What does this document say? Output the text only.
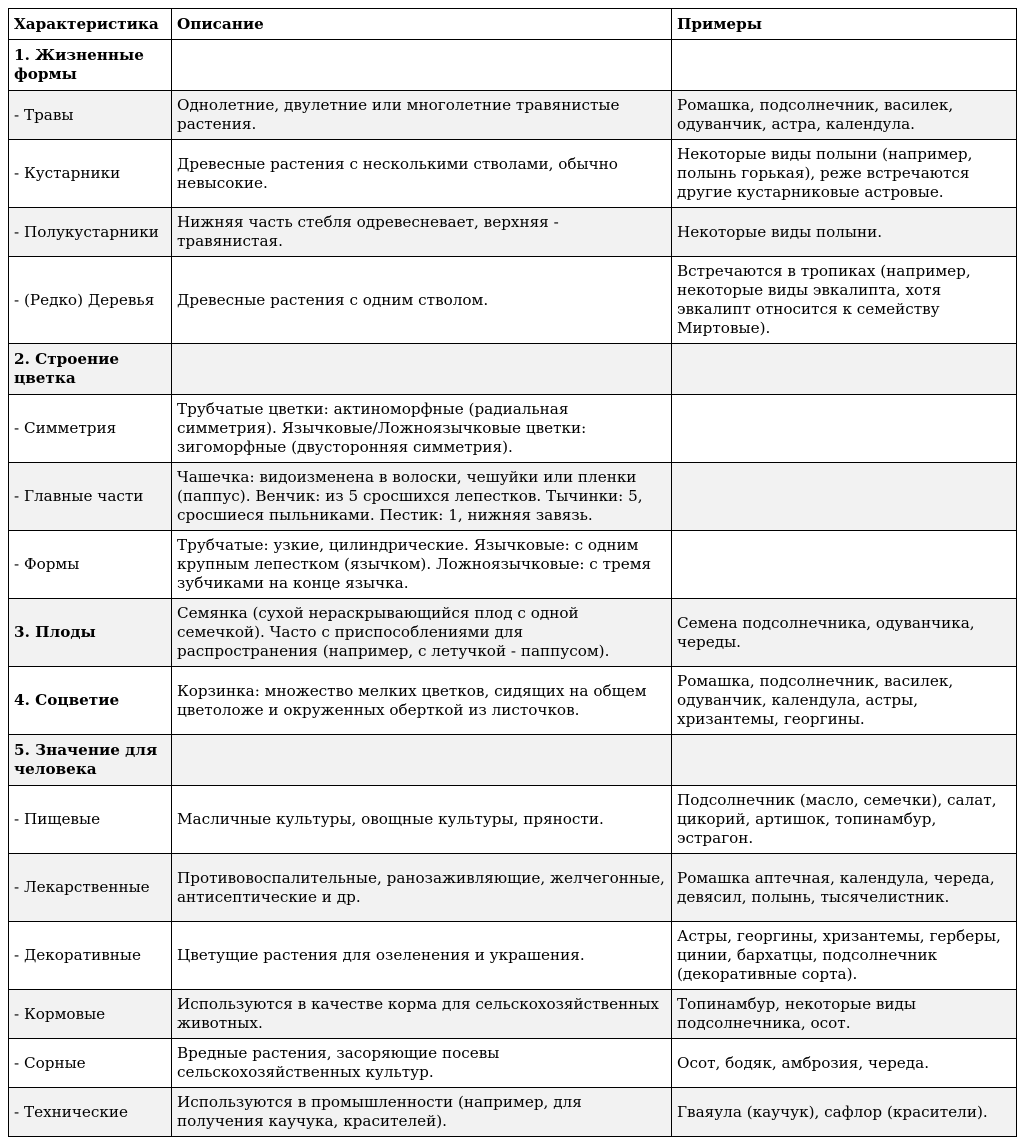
Характеристика	Описание	Примеры
1. Жизненные формы		
- Травы	Однолетние, двулетние или многолетние травянистые растения.	Ромашка, подсолнечник, василек, одуванчик, астра, календула.
- Кустарники	Древесные растения с несколькими стволами, обычно невысокие.	Некоторые виды полыни (например, полынь горькая), реже встречаются другие кустарниковые астровые.
- Полукустарники	Нижняя часть стебля одревесневает, верхняя - травянистая.	Некоторые виды полыни.
- (Редко) Деревья	Древесные растения с одним стволом.	Встречаются в тропиках (например, некоторые виды эвкалипта, хотя эвкалипт относится к семейству Миртовые).
2. Строение цветка		
- Симметрия	Трубчатые цветки: актиноморфные (радиальная симметрия). Язычковые/Ложноязычковые цветки: зигоморфные (двусторонняя симметрия).	
- Главные части	Чашечка: видоизменена в волоски, чешуйки или пленки (паппус). Венчик: из 5 сросшихся лепестков. Тычинки: 5, сросшиеся пыльниками. Пестик: 1, нижняя завязь.	
- Формы	Трубчатые: узкие, цилиндрические. Язычковые: с одним крупным лепестком (язычком). Ложноязычковые: с тремя зубчиками на конце язычка.	
3. Плоды	Семянка (сухой нераскрывающийся плод с одной семечкой). Часто с приспособлениями для распространения (например, с летучкой - паппусом).	Семена подсолнечника, одуванчика, череды.
4. Соцветие	Корзинка: множество мелких цветков, сидящих на общем цветоложе и окруженных оберткой из листочков.	Ромашка, подсолнечник, василек, одуванчик, календула, астры, хризантемы, георгины.
5. Значение для человека		
- Пищевые	Масличные культуры, овощные культуры, пряности.	Подсолнечник (масло, семечки), салат, цикорий, артишок, топинамбур, эстрагон.
- Лекарственные	Противовоспалительные, ранозаживляющие, желчегонные, антисептические и др.	Ромашка аптечная, календула, череда, девясил, полынь, тысячелистник.
- Декоративные	Цветущие растения для озеленения и украшения.	Астры, георгины, хризантемы, герберы, цинии, бархатцы, подсолнечник (декоративные сорта).
- Кормовые	Используются в качестве корма для сельскохозяйственных животных.	Топинамбур, некоторые виды подсолнечника, осот.
- Сорные	Вредные растения, засоряющие посевы сельскохозяйственных культур.	Осот, бодяк, амброзия, череда.
- Технические	Используются в промышленности (например, для получения каучука, красителей).	Гваяула (каучук), сафлор (красители).
